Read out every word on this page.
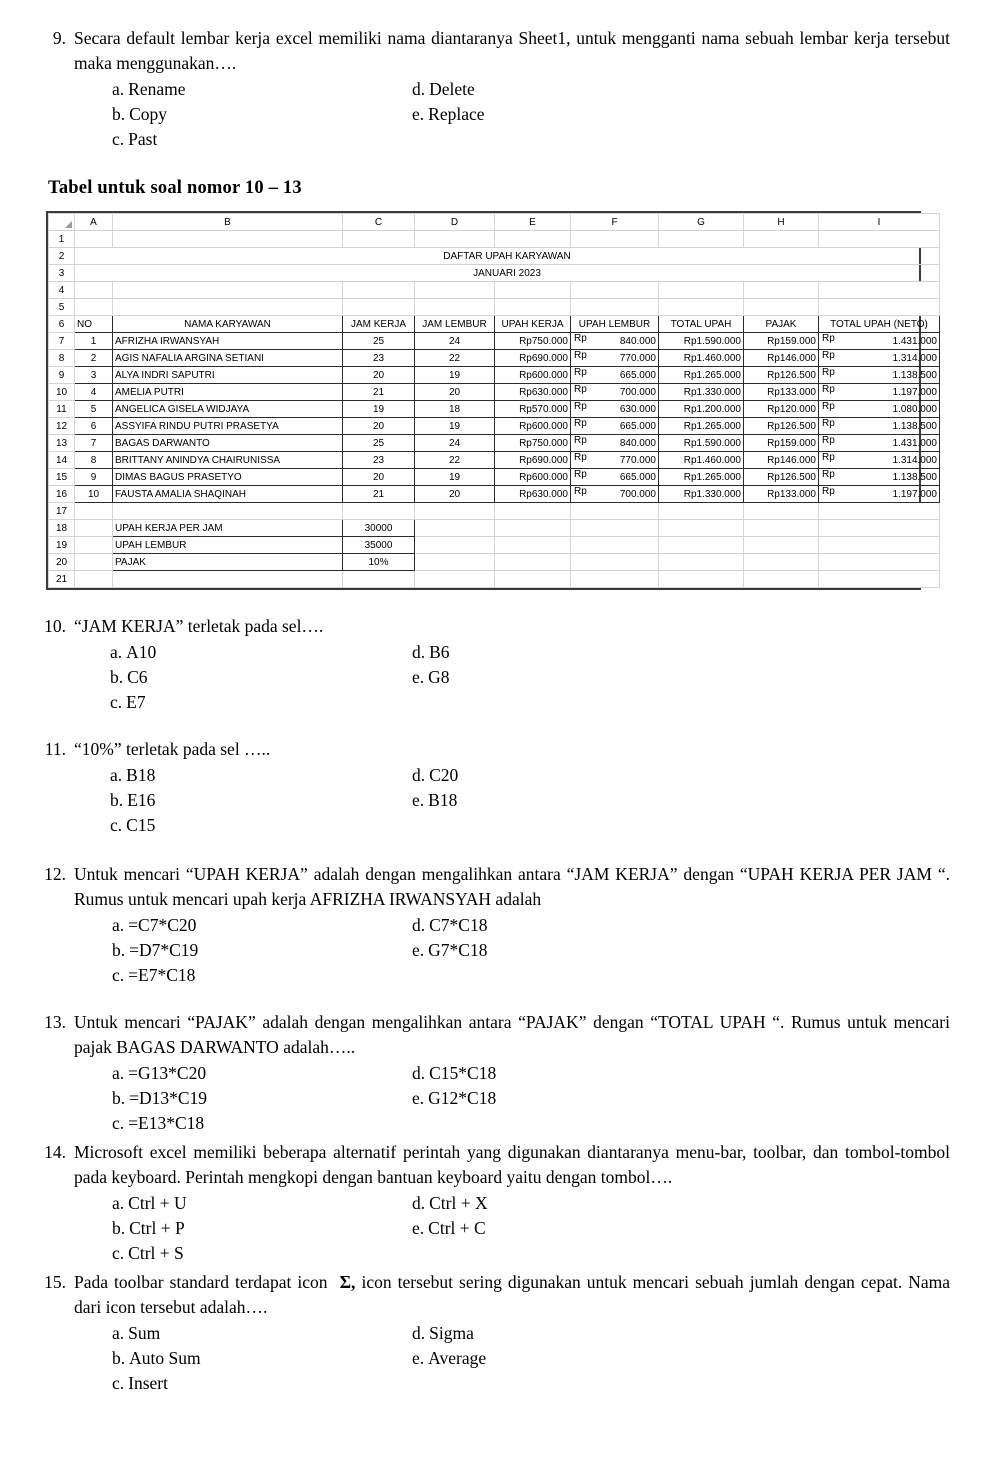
9. Secara default lembar kerja excel memiliki nama diantaranya Sheet1, untuk mengganti nama sebuah lembar kerja tersebut maka menggunakan….
a. Rename	d. Delete
b. Copy	e. Replace
c. Past
Tabel untuk soal nomor 10 – 13
	A	B	C	D	E	F	G	H	I
1									
2	DAFTAR UPAH KARYAWAN								
3	JANUARI 2023								
4									
5									
6	NO	NAMA KARYAWAN	JAM KERJA	JAM LEMBUR	UPAH KERJA	UPAH LEMBUR	TOTAL UPAH	PAJAK	TOTAL UPAH (NETO)
7	1	AFRIZHA IRWANSYAH	25	24	Rp750.000	Rp 840.000	Rp1.590.000	Rp159.000	Rp 1.431.000
8	2	AGIS NAFALIA ARGINA SETIANI	23	22	Rp690.000	Rp 770.000	Rp1.460.000	Rp146.000	Rp 1.314.000
9	3	ALYA INDRI SAPUTRI	20	19	Rp600.000	Rp 665.000	Rp1.265.000	Rp126.500	Rp 1.138.500
10	4	AMELIA PUTRI	21	20	Rp630.000	Rp 700.000	Rp1.330.000	Rp133.000	Rp 1.197.000
11	5	ANGELICA GISELA WIDJAYA	19	18	Rp570.000	Rp 630.000	Rp1.200.000	Rp120.000	Rp 1.080.000
12	6	ASSYIFA RINDU PUTRI PRASETYA	20	19	Rp600.000	Rp 665.000	Rp1.265.000	Rp126.500	Rp 1.138.500
13	7	BAGAS DARWANTO	25	24	Rp750.000	Rp 840.000	Rp1.590.000	Rp159.000	Rp 1.431.000
14	8	BRITTANY ANINDYA CHAIRUNISSA	23	22	Rp690.000	Rp 770.000	Rp1.460.000	Rp146.000	Rp 1.314.000
15	9	DIMAS BAGUS PRASETYO	20	19	Rp600.000	Rp 665.000	Rp1.265.000	Rp126.500	Rp 1.138.500
16	10	FAUSTA AMALIA SHAQINAH	21	20	Rp630.000	Rp 700.000	Rp1.330.000	Rp133.000	Rp 1.197.000
17									
18		UPAH KERJA PER JAM	30000						
19		UPAH LEMBUR	35000						
20		PAJAK	10%						
21									
10. “JAM KERJA” terletak pada sel….
a. A10	d. B6
b. C6	e. G8
c. E7
11. “10%” terletak pada sel …..
a. B18	d. C20
b. E16	e. B18
c. C15
12. Untuk mencari “UPAH KERJA” adalah dengan mengalihkan antara “JAM KERJA” dengan “UPAH KERJA PER JAM “. Rumus untuk mencari upah kerja AFRIZHA IRWANSYAH adalah
a. =C7*C20	d. C7*C18
b. =D7*C19	e. G7*C18
c. =E7*C18
13. Untuk mencari “PAJAK” adalah dengan mengalihkan antara “PAJAK” dengan “TOTAL UPAH “. Rumus untuk mencari pajak BAGAS DARWANTO adalah…..
a. =G13*C20	d. C15*C18
b. =D13*C19	e. G12*C18
c. =E13*C18
14. Microsoft excel memiliki beberapa alternatif perintah yang digunakan diantaranya menu-bar, toolbar, dan tombol-tombol pada keyboard. Perintah mengkopi dengan bantuan keyboard yaitu dengan tombol….
a. Ctrl + U	d. Ctrl + X
b. Ctrl + P	e. Ctrl + C
c. Ctrl + S
15. Pada toolbar standard terdapat icon Σ, icon tersebut sering digunakan untuk mencari sebuah jumlah dengan cepat. Nama dari icon tersebut adalah….
a. Sum	d. Sigma
b. Auto Sum	e. Average
c. Insert
